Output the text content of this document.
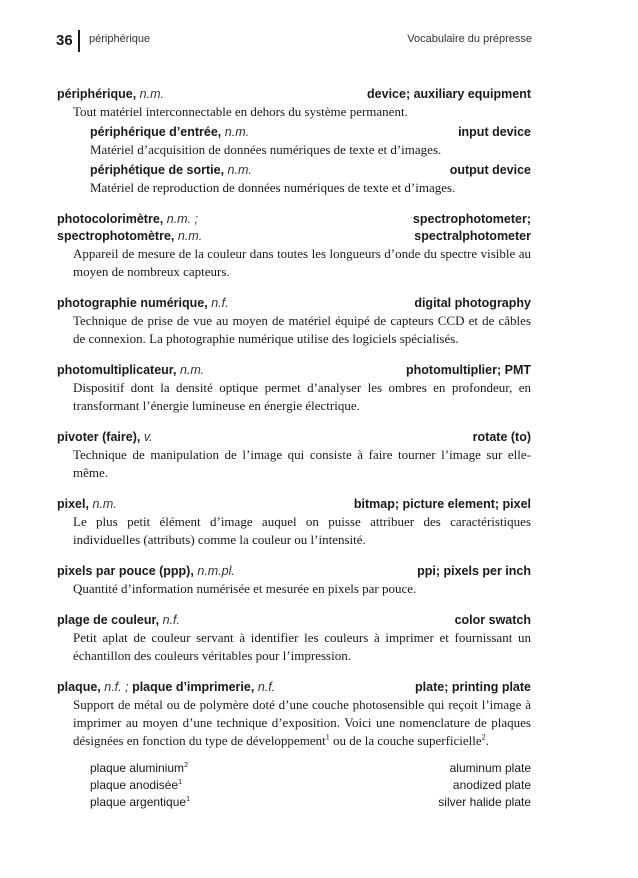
36 périphérique	Vocabulaire du prépresse
périphérique, n.m.	device; auxiliary equipment
Tout matériel interconnectable en dehors du système permanent.
périphérique d’entrée, n.m.	input device
Matériel d’acquisition de données numériques de texte et d’images.
périphétique de sortie, n.m.	output device
Matériel de reproduction de données numériques de texte et d’images.
photocolorimètre, n.m. ;	spectrophotometer;
spectrophotomètre, n.m.	spectralphotometer
Appareil de mesure de la couleur dans toutes les longueurs d’onde du spectre visible au moyen de nombreux capteurs.
photographie numérique, n.f.	digital photography
Technique de prise de vue au moyen de matériel équipé de capteurs CCD et de câbles de connexion. La photographie numérique utilise des logiciels spécialisés.
photomultiplicateur, n.m.	photomultiplier; PMT
Dispositif dont la densité optique permet d’analyser les ombres en profondeur, en transformant l’énergie lumineuse en énergie électrique.
pivoter (faire), v.	rotate (to)
Technique de manipulation de l’image qui consiste à faire tourner l’image sur elle-même.
pixel, n.m.	bitmap; picture element; pixel
Le plus petit élément d’image auquel on puisse attribuer des caractéristiques individuelles (attributs) comme la couleur ou l’intensité.
pixels par pouce (ppp), n.m.pl.	ppi; pixels per inch
Quantité d’information numérisée et mesurée en pixels par pouce.
plage de couleur, n.f.	color swatch
Petit aplat de couleur servant à identifier les couleurs à imprimer et fournissant un échantillon des couleurs véritables pour l’impression.
plaque, n.f. ; plaque d’imprimerie, n.f.	plate; printing plate
Support de métal ou de polymère doté d’une couche photosensible qui reçoit l’image à imprimer au moyen d’une technique d’exposition. Voici une nomenclature de plaques désignées en fonction du type de développement$^1$ ou de la couche superficielle$^2$.
plaque aluminium$^2$	aluminum plate
plaque anodisée$^1$	anodized plate
plaque argentique$^1$	silver halide plate
